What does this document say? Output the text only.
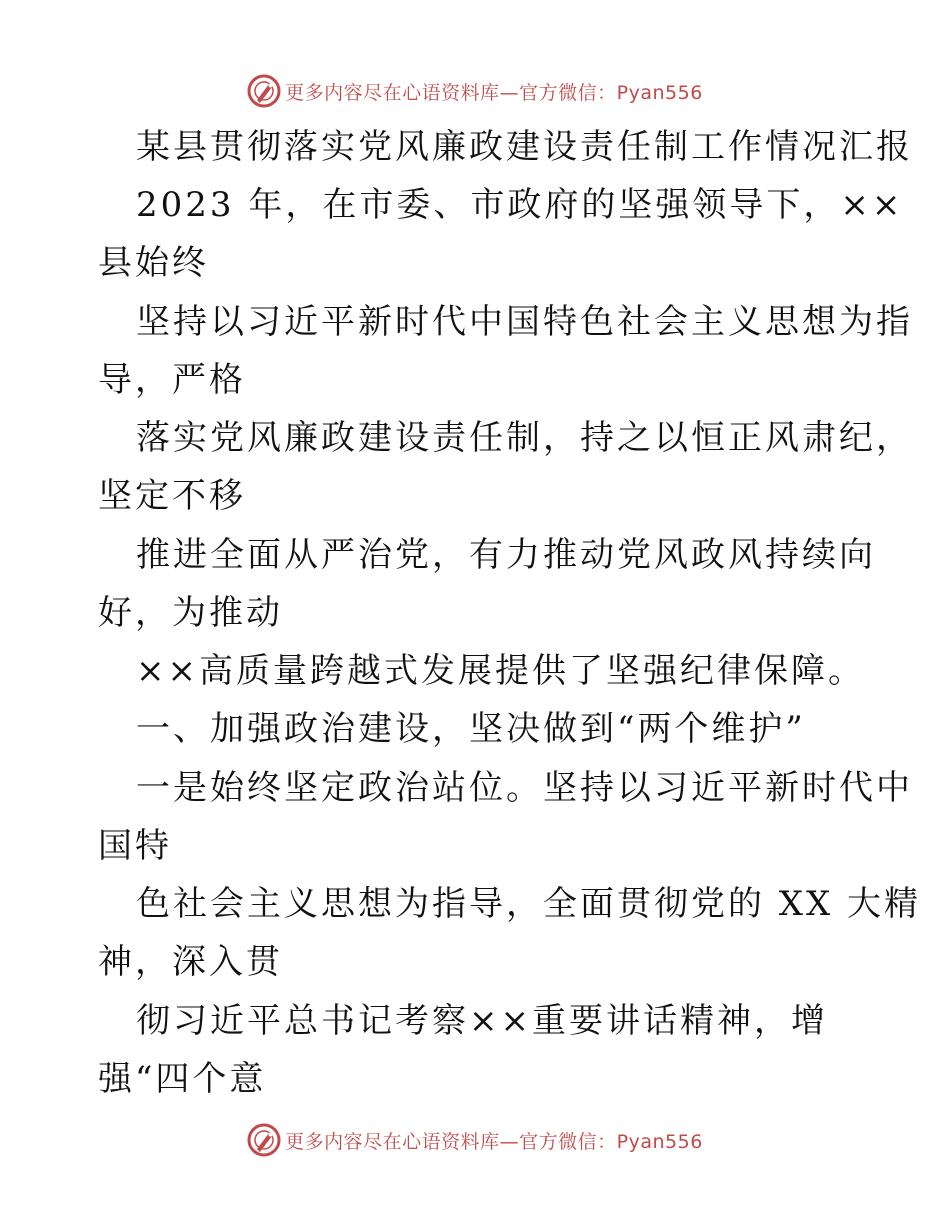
更多内容尽在心语资料库—官方微信：Pyan556
某县贯彻落实党风廉政建设责任制工作情况汇报
2023 年，在市委、市政府的坚强领导下，××
县始终
坚持以习近平新时代中国特色社会主义思想为指
导，严格
落实党风廉政建设责任制，持之以恒正风肃纪，
坚定不移
推进全面从严治党，有力推动党风政风持续向
好，为推动
××高质量跨越式发展提供了坚强纪律保障。
一、加强政治建设，坚决做到“两个维护”
一是始终坚定政治站位。坚持以习近平新时代中
国特
色社会主义思想为指导，全面贯彻党的 XX 大精
神，深入贯
彻习近平总书记考察××重要讲话精神，增
强“四个意
更多内容尽在心语资料库—官方微信：Pyan556
